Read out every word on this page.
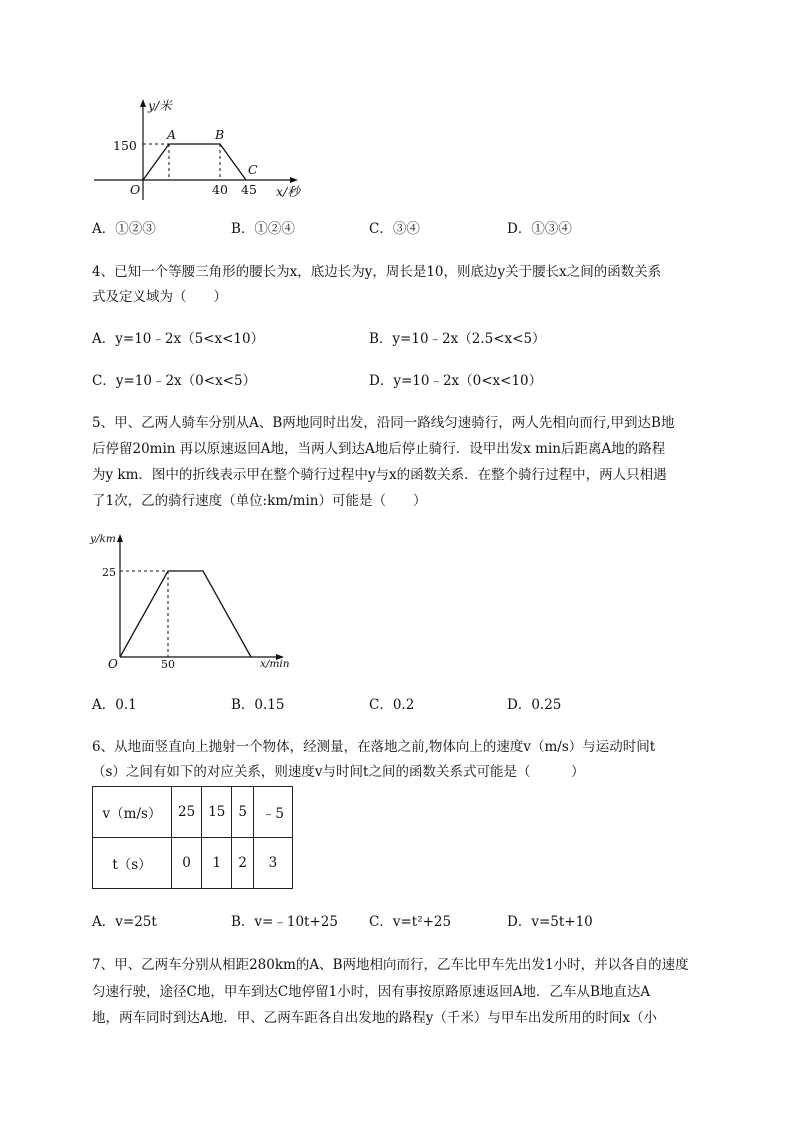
y/米
150
A	B
C
O	40 45 x/秒
A．①②③	B．①②④	C．③④	D．①③④
4、已知一个等腰三角形的腰长为x，底边长为y，周长是10，则底边y关于腰长x之间的函数关系
式及定义域为（　　）
A．y=10﹣2x（5<x<10）	B．y=10﹣2x（2.5<x<5）
C．y=10﹣2x（0<x<5）	D．y=10﹣2x（0<x<10）
5、甲、乙两人骑车分别从A、B两地同时出发，沿同一路线匀速骑行，两人先相向而行,甲到达B地
后停留20min 再以原速返回A地，当两人到达A地后停止骑行．设甲出发x min后距离A地的路程
为y km．图中的折线表示甲在整个骑行过程中y与x的函数关系．在整个骑行过程中，两人只相遇
了1次，乙的骑行速度（单位:km/min）可能是（　　）
y/km
25
O	50	x/min
A．0.1	B．0.15	C．0.2	D．0.25
6、从地面竖直向上抛射一个物体，经测量，在落地之前,物体向上的速度v（m/s）与运动时间t
（s）之间有如下的对应关系，则速度v与时间t之间的函数关系式可能是（　　　）
v（m/s）	25	15	5	﹣5
t（s）	0	1	2	3
A．v=25t	B．v=﹣10t+25 C．v=t²+25	D．v=5t+10
7、甲、乙两车分别从相距280km的A、B两地相向而行，乙车比甲车先出发1小时，并以各自的速度
匀速行驶，途径C地，甲车到达C地停留1小时，因有事按原路原速返回A地．乙车从B地直达A
地，两车同时到达A地．甲、乙两车距各自出发地的路程y（千米）与甲车出发所用的时间x（小
